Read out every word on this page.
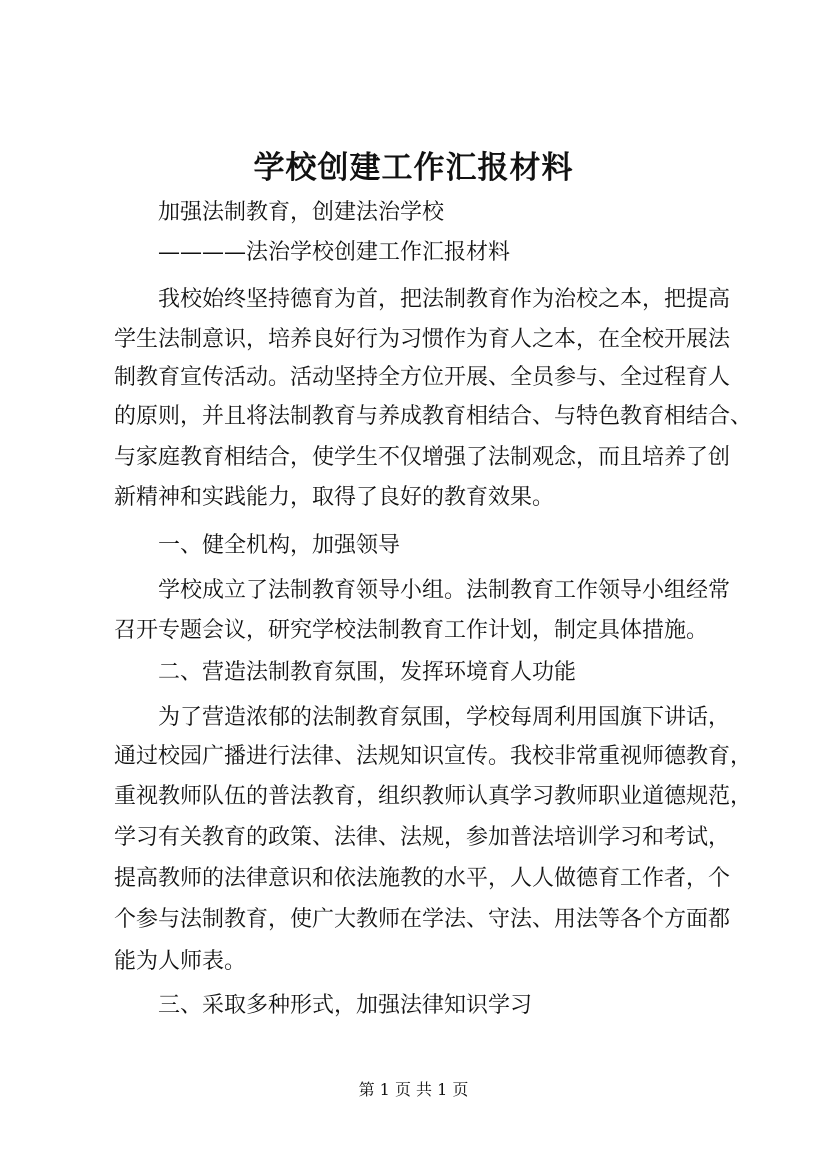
学校创建工作汇报材料
加强法制教育，创建法治学校
————法治学校创建工作汇报材料
我校始终坚持德育为首，把法制教育作为治校之本，把提高
学生法制意识，培养良好行为习惯作为育人之本，在全校开展法
制教育宣传活动。活动坚持全方位开展、全员参与、全过程育人
的原则，并且将法制教育与养成教育相结合、与特色教育相结合、
与家庭教育相结合，使学生不仅增强了法制观念，而且培养了创
新精神和实践能力，取得了良好的教育效果。
一、健全机构，加强领导
学校成立了法制教育领导小组。法制教育工作领导小组经常
召开专题会议，研究学校法制教育工作计划，制定具体措施。
二、营造法制教育氛围，发挥环境育人功能
为了营造浓郁的法制教育氛围，学校每周利用国旗下讲话，
通过校园广播进行法律、法规知识宣传。我校非常重视师德教育，
重视教师队伍的普法教育，组织教师认真学习教师职业道德规范，
学习有关教育的政策、法律、法规，参加普法培训学习和考试，
提高教师的法律意识和依法施教的水平，人人做德育工作者，个
个参与法制教育，使广大教师在学法、守法、用法等各个方面都
能为人师表。
三、采取多种形式，加强法律知识学习
第 1 页 共 1 页
